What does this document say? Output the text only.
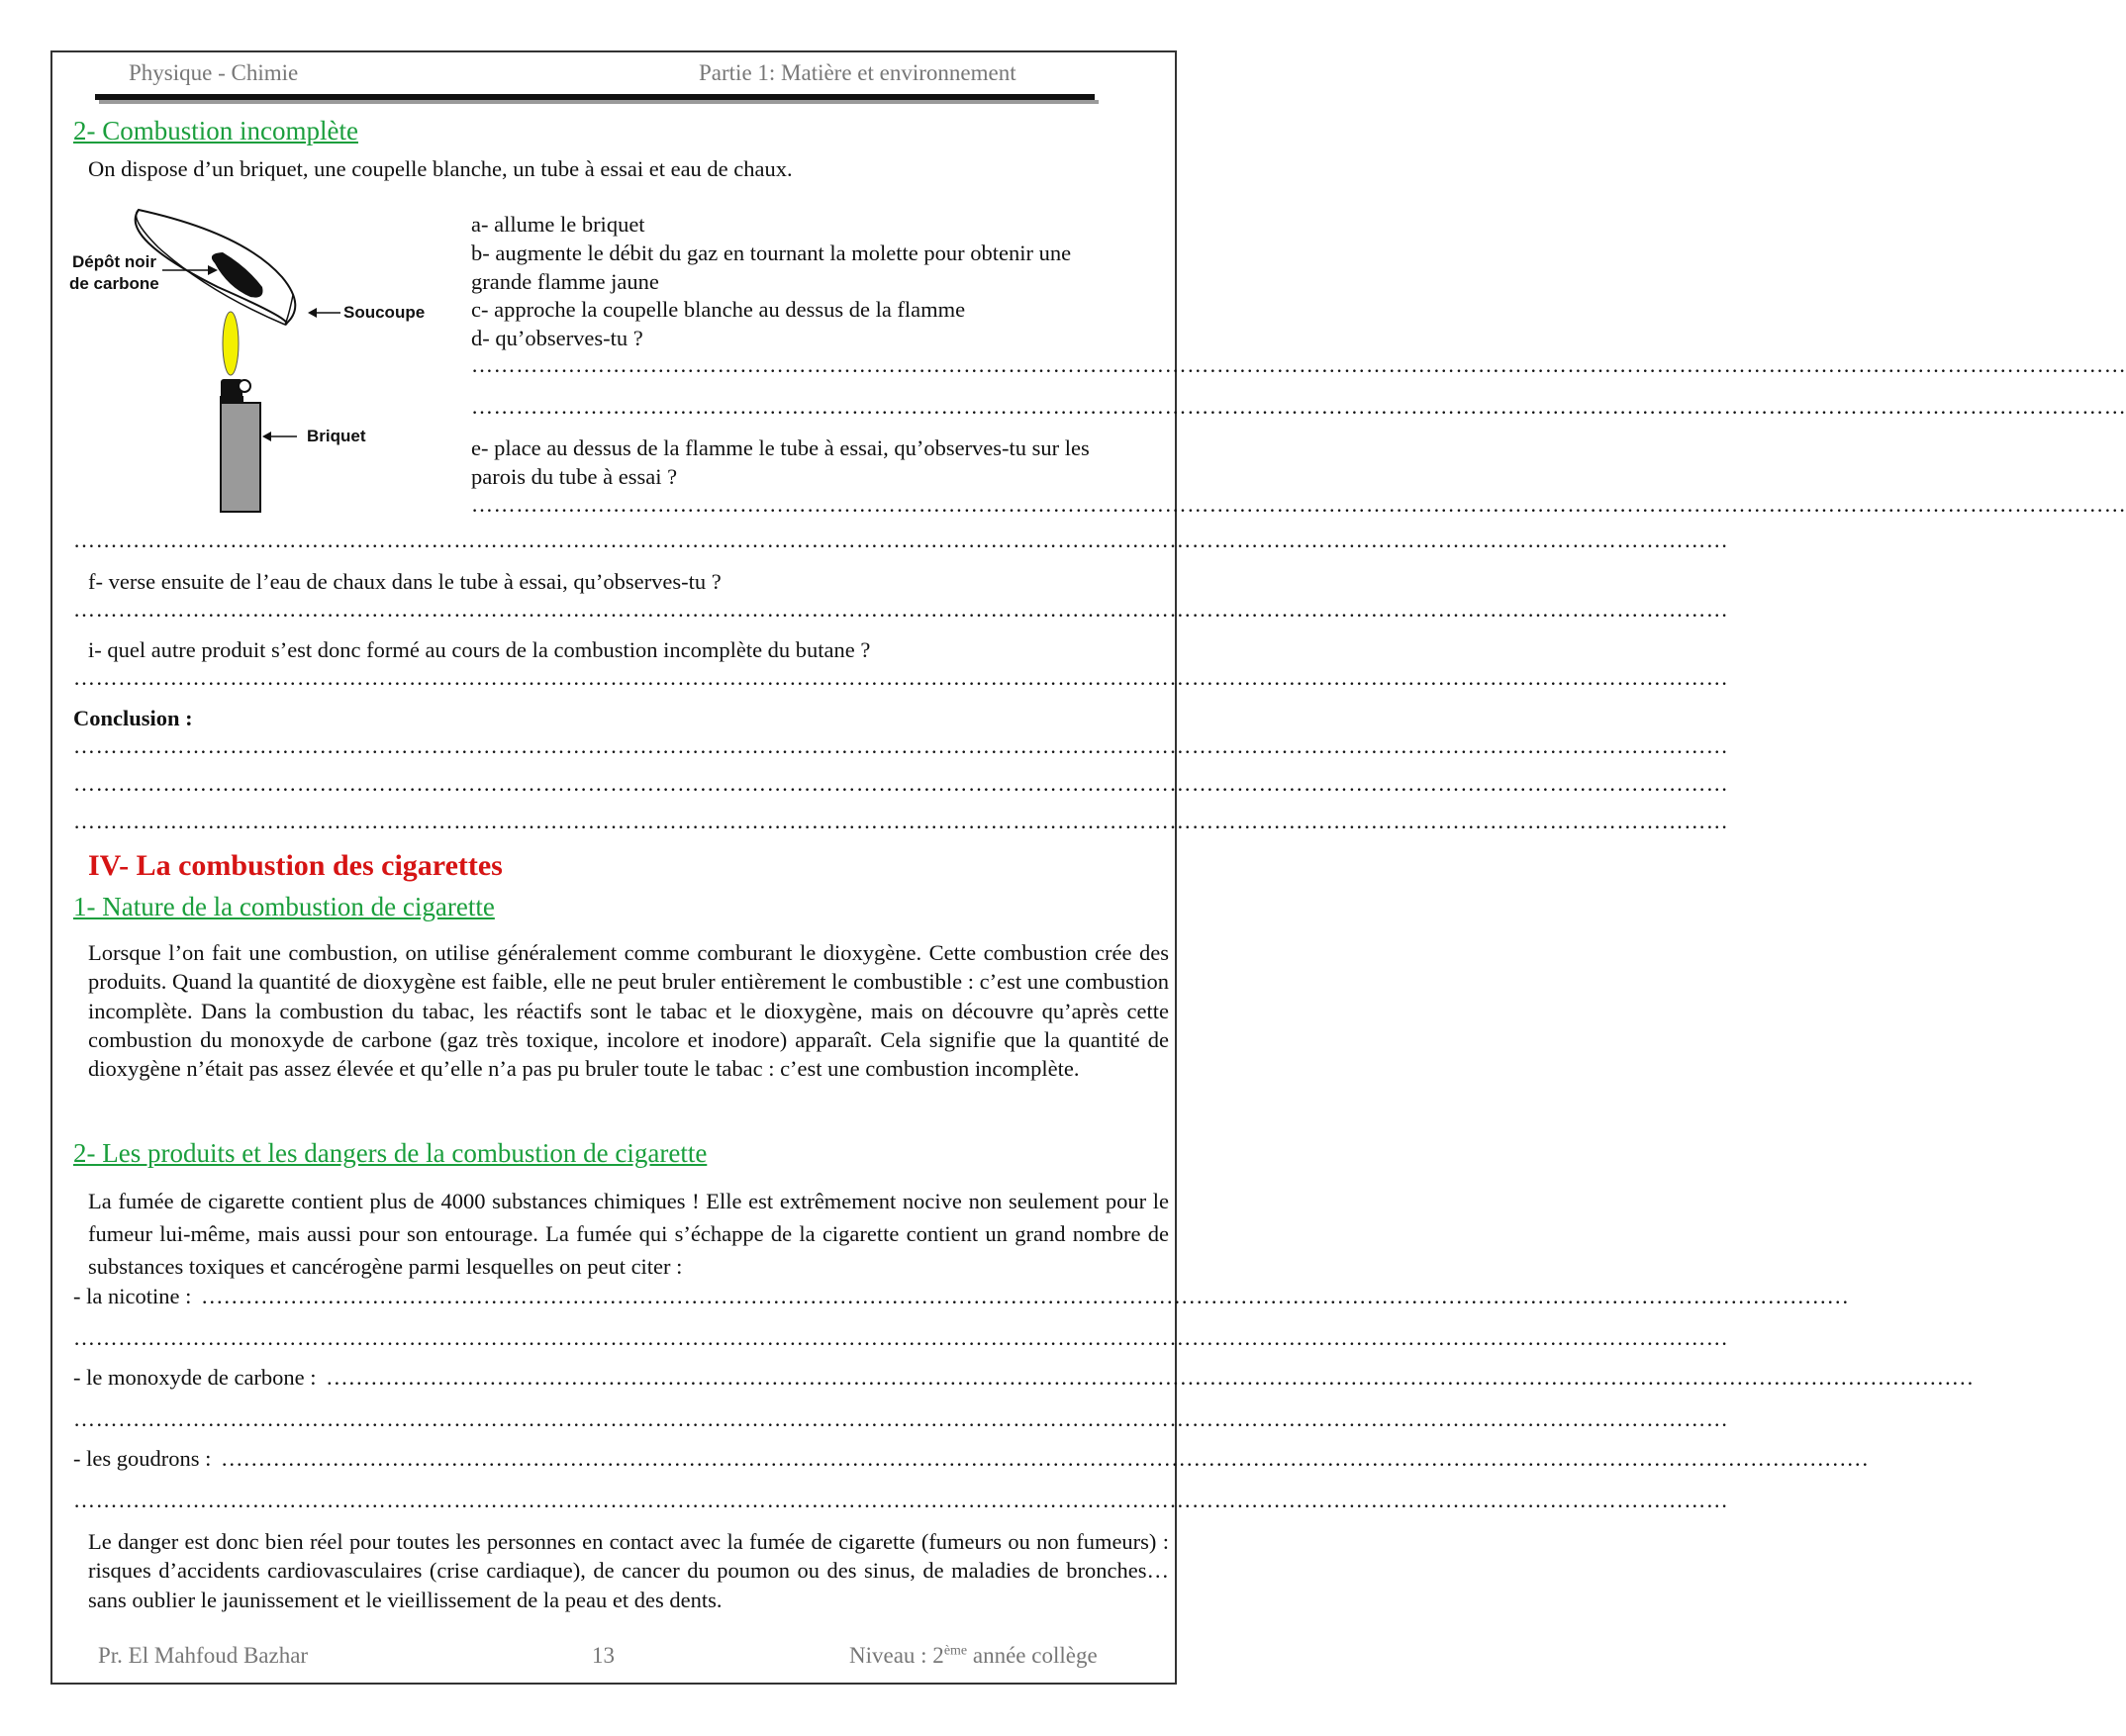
Physique - Chimie	Partie 1: Matière et environnement
2- Combustion incomplète
On dispose d’un briquet, une coupelle blanche, un tube à essai et eau de chaux.
Dépôt noir
de carbone
Soucoupe
Briquet
a- allume le briquet
b- augmente le débit du gaz en tournant la molette pour obtenir une
grande flamme jaune
c- approche la coupelle blanche au dessus de la flamme
d- qu’observes-tu ?
……………………………………………………………………………………………………………………………………………………………………………………………………
……………………………………………………………………………………………………………………………………………………………………………………………………
e- place au dessus de la flamme le tube à essai, qu’observes-tu sur les
parois du tube à essai ?
……………………………………………………………………………………………………………………………………………………………………………………………………
……………………………………………………………………………………………………………………………………………………………………………………………………
f- verse ensuite de l’eau de chaux dans le tube à essai, qu’observes-tu ?
……………………………………………………………………………………………………………………………………………………………………………………………………
i- quel autre produit s’est donc formé au cours de la combustion incomplète du butane ?
……………………………………………………………………………………………………………………………………………………………………………………………………
Conclusion :
……………………………………………………………………………………………………………………………………………………………………………………………………
……………………………………………………………………………………………………………………………………………………………………………………………………
……………………………………………………………………………………………………………………………………………………………………………………………………
IV- La combustion des cigarettes
1- Nature de la combustion de cigarette
Lorsque l’on fait une combustion, on utilise généralement comme comburant le dioxygène. Cette combustion crée des produits. Quand la quantité de dioxygène est faible, elle ne peut bruler entièrement le combustible : c’est une combustion incomplète. Dans la combustion du tabac, les réactifs sont le tabac et le dioxygène, mais on découvre qu’après cette combustion du monoxyde de carbone (gaz très toxique, incolore et inodore) apparaît. Cela signifie que la quantité de dioxygène n’était pas assez élevée et qu’elle n’a pas pu bruler toute le tabac : c’est une combustion incomplète.
2- Les produits et les dangers de la combustion de cigarette
La fumée de cigarette contient plus de 4000 substances chimiques ! Elle est extrêmement nocive non seulement pour le fumeur lui-même, mais aussi pour son entourage. La fumée qui s’échappe de la cigarette contient un grand nombre de substances toxiques et cancérogène parmi lesquelles on peut citer :
- la nicotine : ……………………………………………………………………………………………………………………………………………………………………………………………………
……………………………………………………………………………………………………………………………………………………………………………………………………
- le monoxyde de carbone : ……………………………………………………………………………………………………………………………………………………………………………………………………
……………………………………………………………………………………………………………………………………………………………………………………………………
- les goudrons : ……………………………………………………………………………………………………………………………………………………………………………………………………
……………………………………………………………………………………………………………………………………………………………………………………………………
Le danger est donc bien réel pour toutes les personnes en contact avec la fumée de cigarette (fumeurs ou non fumeurs) : risques d’accidents cardiovasculaires (crise cardiaque), de cancer du poumon ou des sinus, de maladies de bronches… sans oublier le jaunissement et le vieillissement de la peau et des dents.
Pr. El Mahfoud Bazhar	13	Niveau : 2ème année collège
